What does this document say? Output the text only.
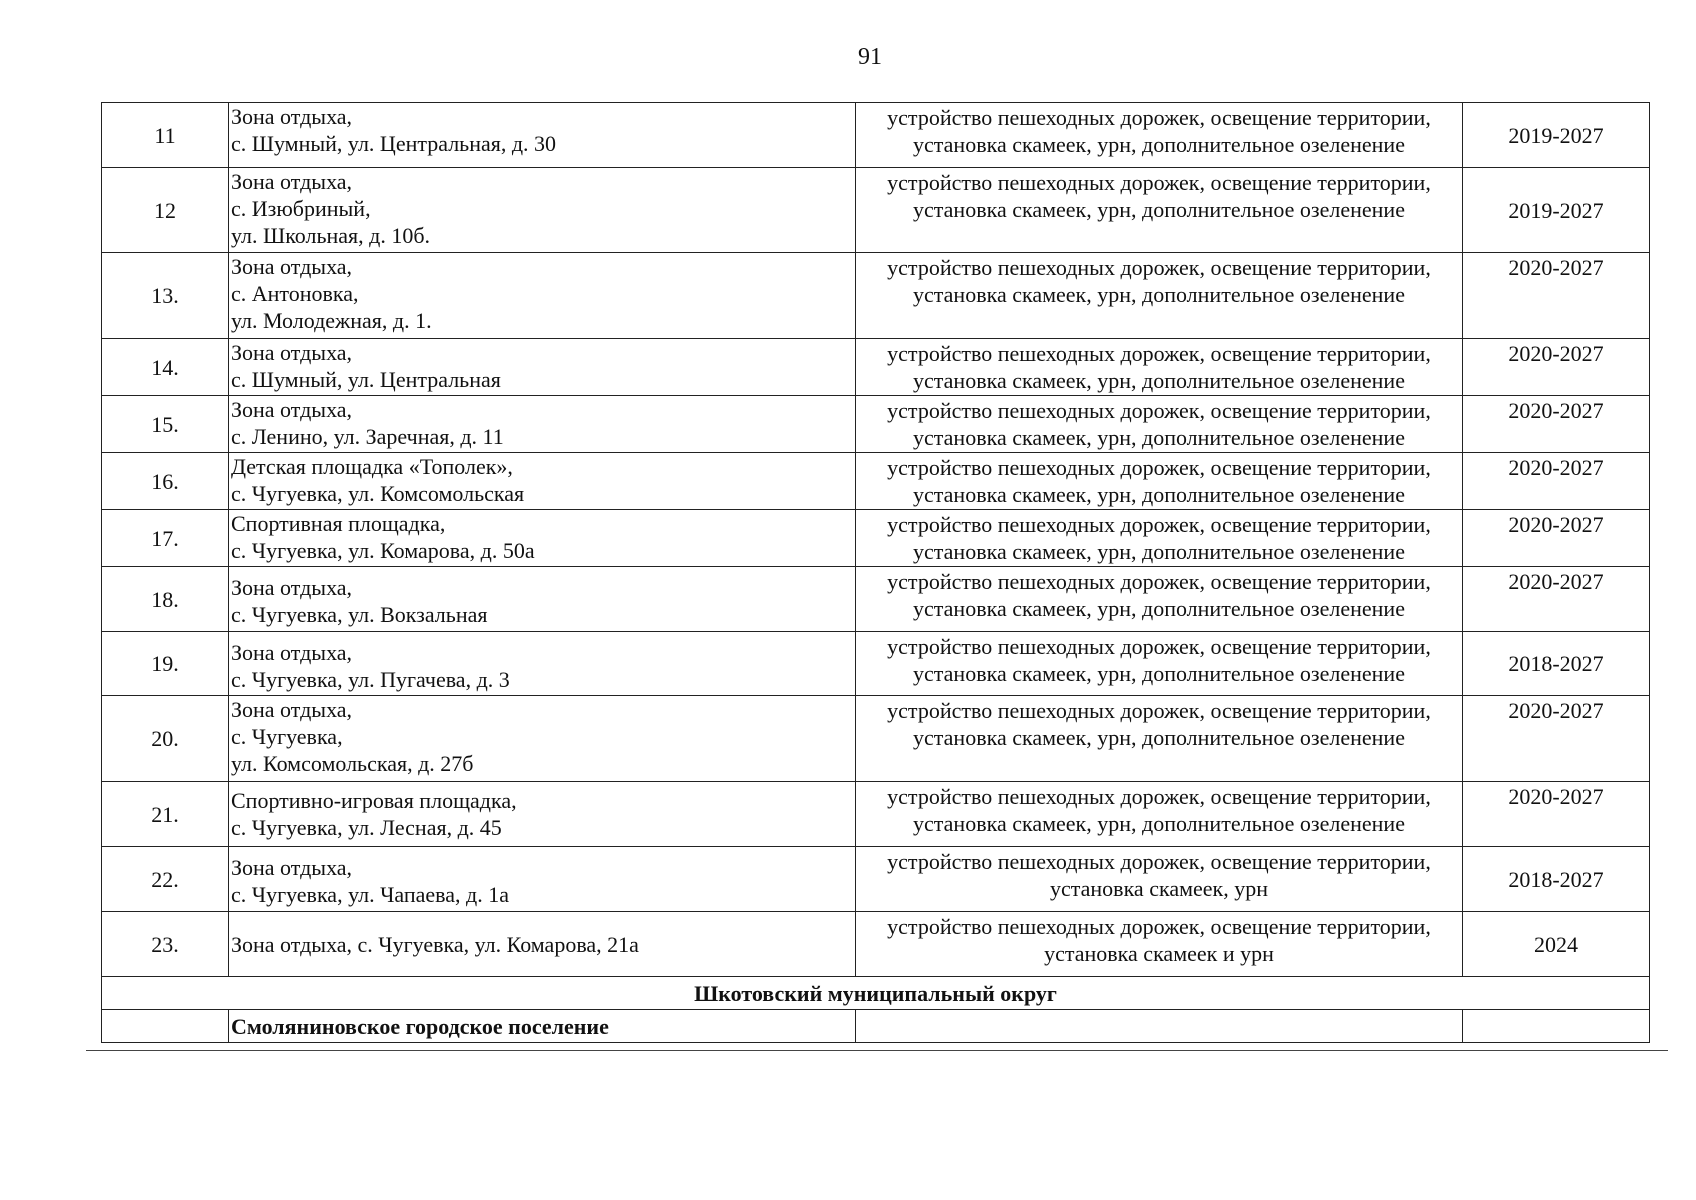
91
11	Зона отдыха,
с. Шумный, ул. Центральная, д. 30	устройство пешеходных дорожек, освещение территории,
установка скамеек, урн, дополнительное озеленение	2019-2027
12	Зона отдыха,
с. Изюбриный,
ул. Школьная, д. 10б.	устройство пешеходных дорожек, освещение территории,
установка скамеек, урн, дополнительное озеленение	2019-2027
13.	Зона отдыха,
с. Антоновка,
ул. Молодежная, д. 1.	устройство пешеходных дорожек, освещение территории,
установка скамеек, урн, дополнительное озеленение	2020-2027
14.	Зона отдыха,
с. Шумный, ул. Центральная	устройство пешеходных дорожек, освещение территории,
установка скамеек, урн, дополнительное озеленение	2020-2027
15.	Зона отдыха,
с. Ленино, ул. Заречная, д. 11	устройство пешеходных дорожек, освещение территории,
установка скамеек, урн, дополнительное озеленение	2020-2027
16.	Детская площадка «Тополек»,
с. Чугуевка, ул. Комсомольская	устройство пешеходных дорожек, освещение территории,
установка скамеек, урн, дополнительное озеленение	2020-2027
17.	Спортивная площадка,
с. Чугуевка, ул. Комарова, д. 50а	устройство пешеходных дорожек, освещение территории,
установка скамеек, урн, дополнительное озеленение	2020-2027
18.	Зона отдыха,
с. Чугуевка, ул. Вокзальная	устройство пешеходных дорожек, освещение территории,
установка скамеек, урн, дополнительное озеленение	2020-2027
19.	Зона отдыха,
с. Чугуевка, ул. Пугачева, д. 3	устройство пешеходных дорожек, освещение территории,
установка скамеек, урн, дополнительное озеленение	2018-2027
20.	Зона отдыха,
с. Чугуевка,
ул. Комсомольская, д. 27б	устройство пешеходных дорожек, освещение территории,
установка скамеек, урн, дополнительное озеленение	2020-2027
21.	Спортивно-игровая площадка,
с. Чугуевка, ул. Лесная, д. 45	устройство пешеходных дорожек, освещение территории,
установка скамеек, урн, дополнительное озеленение	2020-2027
22.	Зона отдыха,
с. Чугуевка, ул. Чапаева, д. 1а	устройство пешеходных дорожек, освещение территории,
установка скамеек, урн	2018-2027
23.	Зона отдыха, с. Чугуевка, ул. Комарова, 21а	устройство пешеходных дорожек, освещение территории,
установка скамеек и урн	2024
Шкотовский муниципальный округ			
	Смоляниновское городское поселение		
